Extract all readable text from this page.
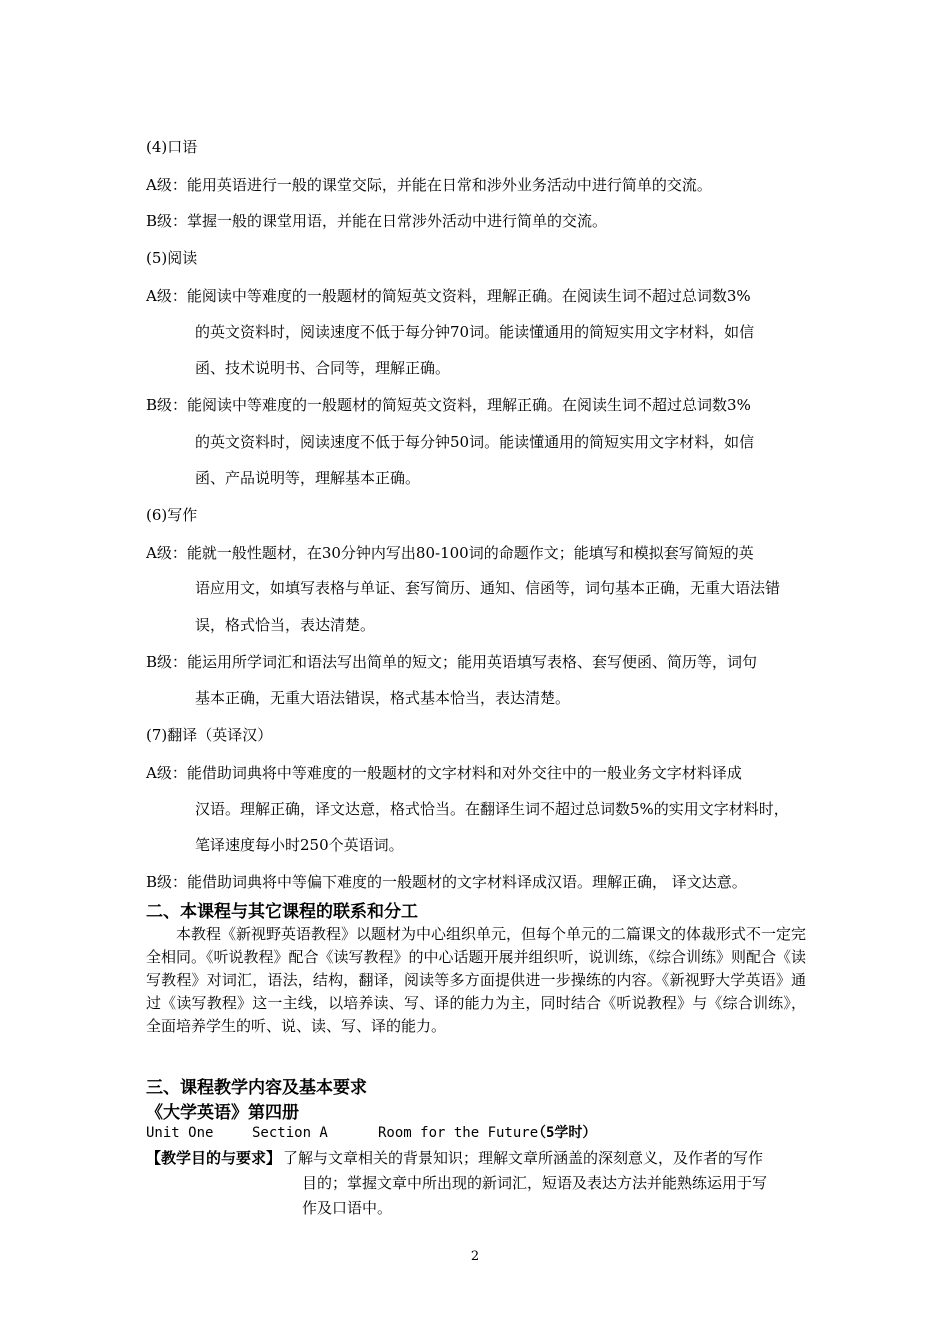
(4)口语
A级：能用英语进行一般的课堂交际，并能在日常和涉外业务活动中进行简单的交流。
B级：掌握一般的课堂用语，并能在日常涉外活动中进行简单的交流。
(5)阅读
A级：能阅读中等难度的一般题材的简短英文资料，理解正确。在阅读生词不超过总词数3%
的英文资料时，阅读速度不低于每分钟70词。能读懂通用的简短实用文字材料，如信
函、技术说明书、合同等，理解正确。
B级：能阅读中等难度的一般题材的简短英文资料，理解正确。在阅读生词不超过总词数3%
的英文资料时，阅读速度不低于每分钟50词。能读懂通用的简短实用文字材料，如信
函、产品说明等，理解基本正确。
(6)写作
A级：能就一般性题材，在30分钟内写出80-100词的命题作文；能填写和模拟套写简短的英
语应用文，如填写表格与单证、套写简历、通知、信函等，词句基本正确，无重大语法错
误，格式恰当，表达清楚。
B级：能运用所学词汇和语法写出简单的短文；能用英语填写表格、套写便函、简历等，词句
基本正确，无重大语法错误，格式基本恰当，表达清楚。
(7)翻译（英译汉）
A级：能借助词典将中等难度的一般题材的文字材料和对外交往中的一般业务文字材料译成
汉语。理解正确，译文达意，格式恰当。在翻译生词不超过总词数5%的实用文字材料时，
笔译速度每小时250个英语词。
B级：能借助词典将中等偏下难度的一般题材的文字材料译成汉语。理解正确， 译文达意。
二、本课程与其它课程的联系和分工
本教程《新视野英语教程》以题材为中心组织单元，但每个单元的二篇课文的体裁形式不一定完全相同。《听说教程》配合《读写教程》的中心话题开展并组织听，说训练，《综合训练》则配合《读写教程》对词汇，语法，结构，翻译，阅读等多方面提供进一步操练的内容。《新视野大学英语》通过《读写教程》这一主线，以培养读、写、译的能力为主，同时结合《听说教程》与《综合训练》，全面培养学生的听、说、读、写、译的能力。
三、课程教学内容及基本要求
《大学英语》第四册
Unit One	Section A	Room for the Future
（5学时）
【教学目的与要求】 了解与文章相关的背景知识；理解文章所涵盖的深刻意义，及作者的写作
目的；掌握文章中所出现的新词汇，短语及表达方法并能熟练运用于写
作及口语中。
2
